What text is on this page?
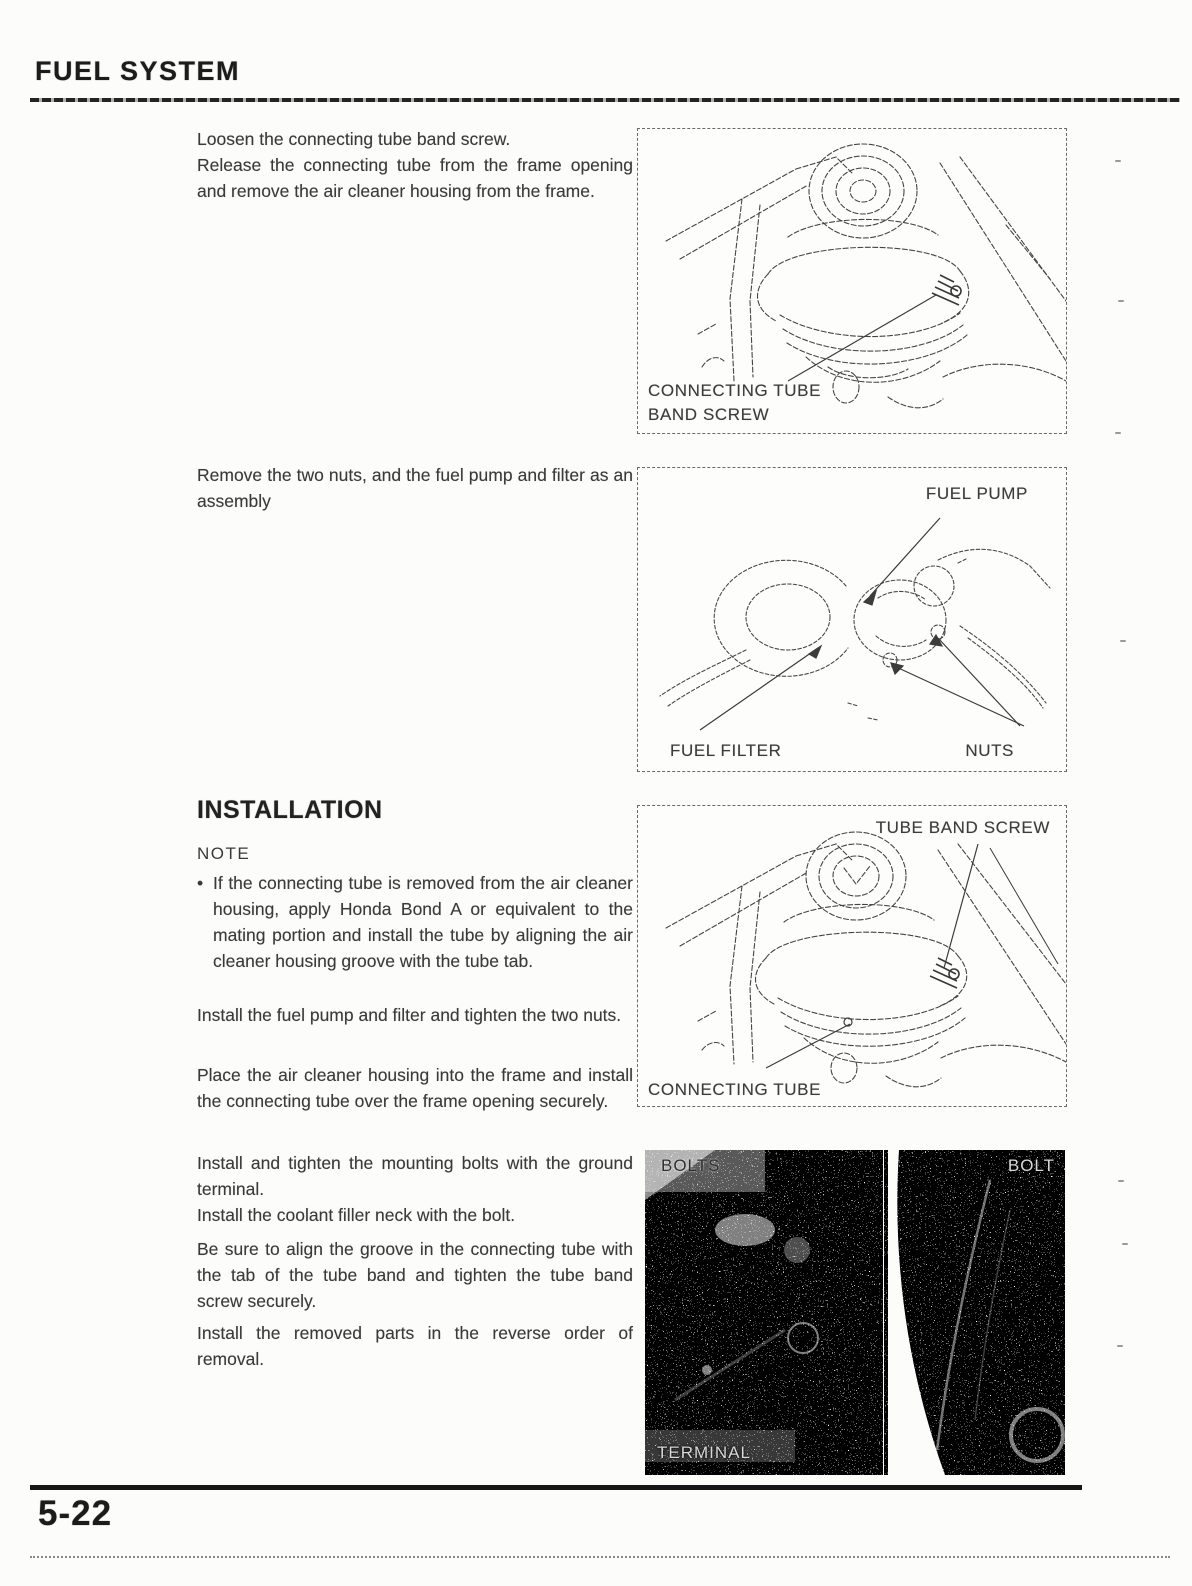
FUEL SYSTEM
Loosen the connecting tube band screw.
Release the connecting tube from the frame opening and remove the air cleaner housing from the frame.
Remove the two nuts, and the fuel pump and filter as an assembly
INSTALLATION
NOTE
• If the connecting tube is removed from the air cleaner housing, apply Honda Bond A or equivalent to the mating portion and install the tube by aligning the air cleaner housing groove with the tube tab.
Install the fuel pump and filter and tighten the two nuts.
Place the air cleaner housing into the frame and install the connecting tube over the frame opening securely.
Install and tighten the mounting bolts with the ground terminal.
Install the coolant filler neck with the bolt.
Be sure to align the groove in the connecting tube with the tab of the tube band and tighten the tube band screw securely.
Install the removed parts in the reverse order of removal.
CONNECTING TUBE
BAND SCREW
FUEL PUMP
FUEL FILTER	NUTS
TUBE BAND SCREW
CONNECTING TUBE
BOLTS	BOLT
TERMINAL
5-22
